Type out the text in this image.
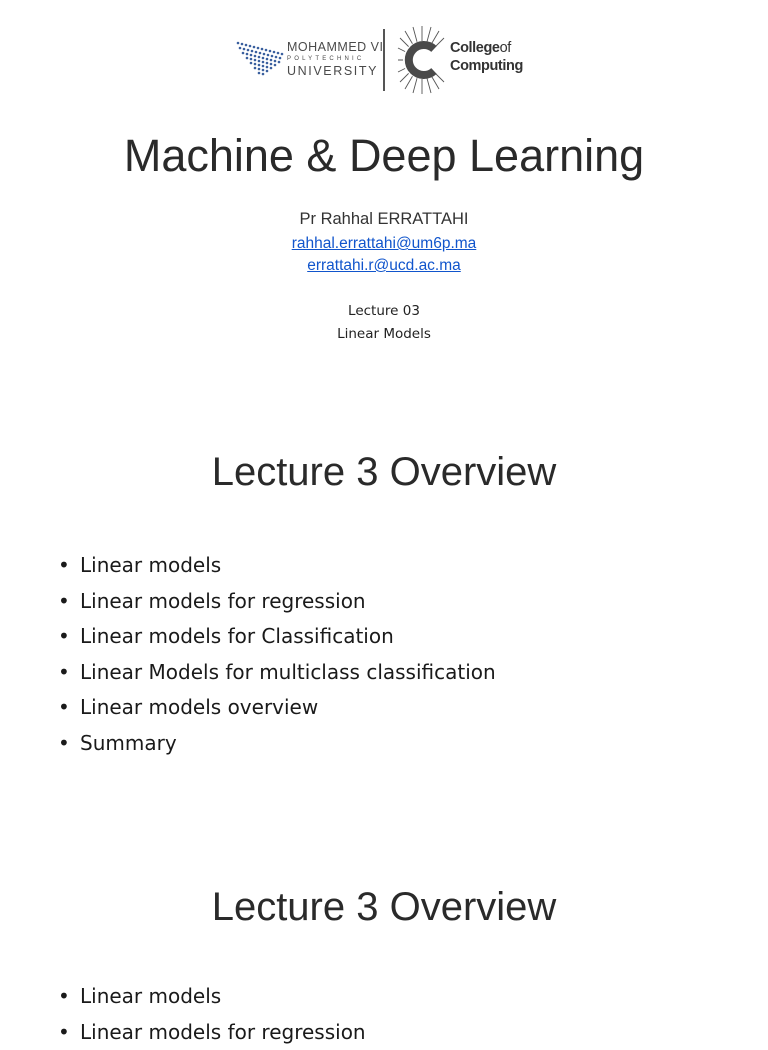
MOHAMMED VI
POLYTECHNIC
UNIVERSITY
Collegeof
Computing
Machine & Deep Learning
Pr Rahhal ERRATTAHI
rahhal.errattahi@um6p.ma
errattahi.r@ucd.ac.ma
Lecture 03
Linear Models
Lecture 3 Overview
• Linear models
• Linear models for regression
• Linear models for Classification
• Linear Models for multiclass classification
• Linear models overview
• Summary
Lecture 3 Overview
• Linear models
• Linear models for regression
